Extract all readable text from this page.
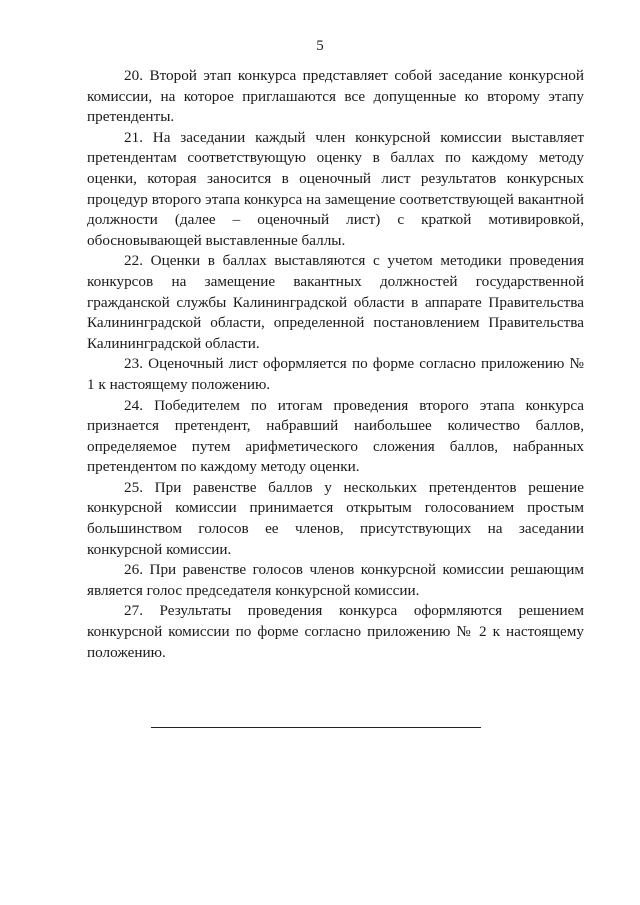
5

20. Второй этап конкурса представляет собой заседание конкурсной комиссии, на которое приглашаются все допущенные ко второму этапу претенденты.

21. На заседании каждый член конкурсной комиссии выставляет претендентам соответствующую оценку в баллах по каждому методу оценки, которая заносится в оценочный лист результатов конкурсных процедур второго этапа конкурса на замещение соответствующей вакантной должности (далее – оценочный лист) с краткой мотивировкой, обосновывающей выставленные баллы.

22. Оценки в баллах выставляются с учетом методики проведения конкурсов на замещение вакантных должностей государственной гражданской службы Калининградской области в аппарате Правительства Калининградской области, определенной постановлением Правительства Калининградской области.

23. Оценочный лист оформляется по форме согласно приложению № 1 к настоящему положению.

24. Победителем по итогам проведения второго этапа конкурса признается претендент, набравший наибольшее количество баллов, определяемое путем арифметического сложения баллов, набранных претендентом по каждому методу оценки.

25. При равенстве баллов у нескольких претендентов решение конкурсной комиссии принимается открытым голосованием простым большинством голосов ее членов, присутствующих на заседании конкурсной комиссии.

26. При равенстве голосов членов конкурсной комиссии решающим является голос председателя конкурсной комиссии.

27. Результаты проведения конкурса оформляются решением конкурсной комиссии по форме согласно приложению № 2 к настоящему положению.
